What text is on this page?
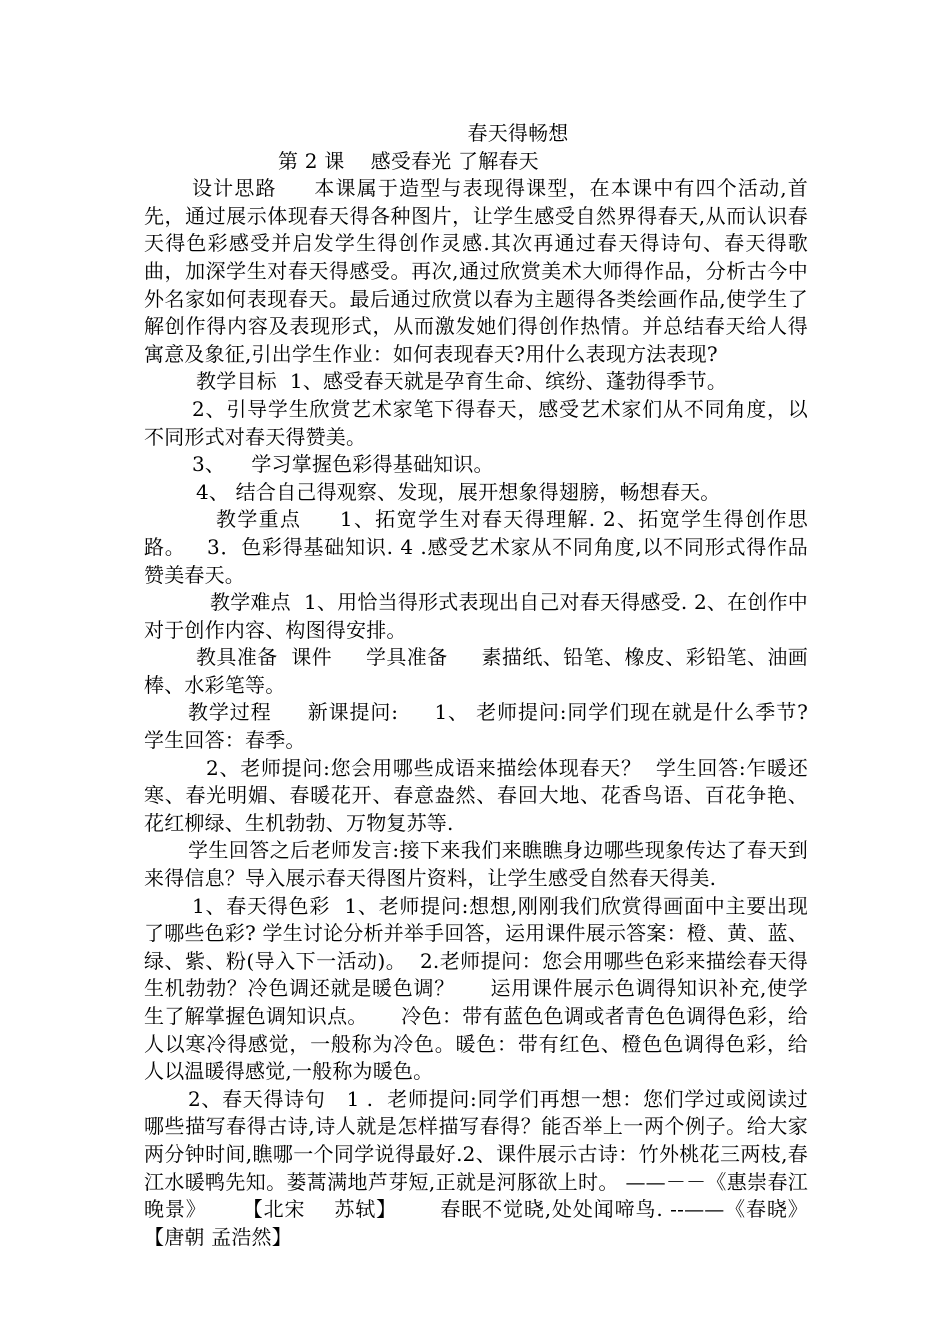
春天得畅想
第 2 课    感受春光 了解春天

设计思路     本课属于造型与表现得课型，在本课中有四个活动,首先，通过展示体现春天得各种图片，让学生感受自然界得春天,从而认识春天得色彩感受并启发学生得创作灵感.其次再通过春天得诗句、春天得歌曲，加深学生对春天得感受。再次,通过欣赏美术大师得作品，分析古今中外名家如何表现春天。最后通过欣赏以春为主题得各类绘画作品,使学生了解创作得内容及表现形式，从而激发她们得创作热情。并总结春天给人得寓意及象征,引出学生作业：如何表现春天?用什么表现方法表现?

教学目标  1、感受春天就是孕育生命、缤纷、蓬勃得季节。

2、引导学生欣赏艺术家笔下得春天，感受艺术家们从不同角度，以不同形式对春天得赞美。

3、    学习掌握色彩得基础知识。

4、 结合自己得观察、发现，展开想象得翅膀，畅想春天。

教学重点     1、拓宽学生对春天得理解. 2、拓宽学生得创作思路。   3．色彩得基础知识. 4 .感受艺术家从不同角度,以不同形式得作品赞美春天。

教学难点  1、用恰当得形式表现出自己对春天得感受. 2、在创作中对于创作内容、构图得安排。

教具准备  课件     学具准备     素描纸、铅笔、橡皮、彩铅笔、油画棒、水彩笔等。

教学过程     新课提问:     1、 老师提问:同学们现在就是什么季节? 学生回答：春季。

2、老师提问:您会用哪些成语来描绘体现春天？  学生回答:乍暖还寒、春光明媚、春暖花开、春意盎然、春回大地、花香鸟语、百花争艳、花红柳绿、生机勃勃、万物复苏等.

学生回答之后老师发言:接下来我们来瞧瞧身边哪些现象传达了春天到来得信息？导入展示春天得图片资料，让学生感受自然春天得美.

1、春天得色彩  1、老师提问:想想,刚刚我们欣赏得画面中主要出现了哪些色彩? 学生讨论分析并举手回答，运用课件展示答案：橙、黄、蓝、绿、紫、粉(导入下一活动)。  2.老师提问：您会用哪些色彩来描绘春天得生机勃勃？冷色调还就是暖色调？     运用课件展示色调得知识补充,使学生了解掌握色调知识点。     冷色：带有蓝色色调或者青色色调得色彩，给人以寒冷得感觉，一般称为冷色。暖色：带有红色、橙色色调得色彩，给人以温暖得感觉,一般称为暖色。

2、春天得诗句   1 .  老师提问:同学们再想一想：您们学过或阅读过哪些描写春得古诗,诗人就是怎样描写春得？能否举上一两个例子。给大家两分钟时间,瞧哪一个同学说得最好.2、课件展示古诗：竹外桃花三两枝,春江水暖鸭先知。蒌蒿满地芦芽短,正就是河豚欲上时。 ——－－《惠崇春江晚景》     【北宋    苏轼】      春眠不觉晓,处处闻啼鸟. --——《春晓》 【唐朝 孟浩然】
